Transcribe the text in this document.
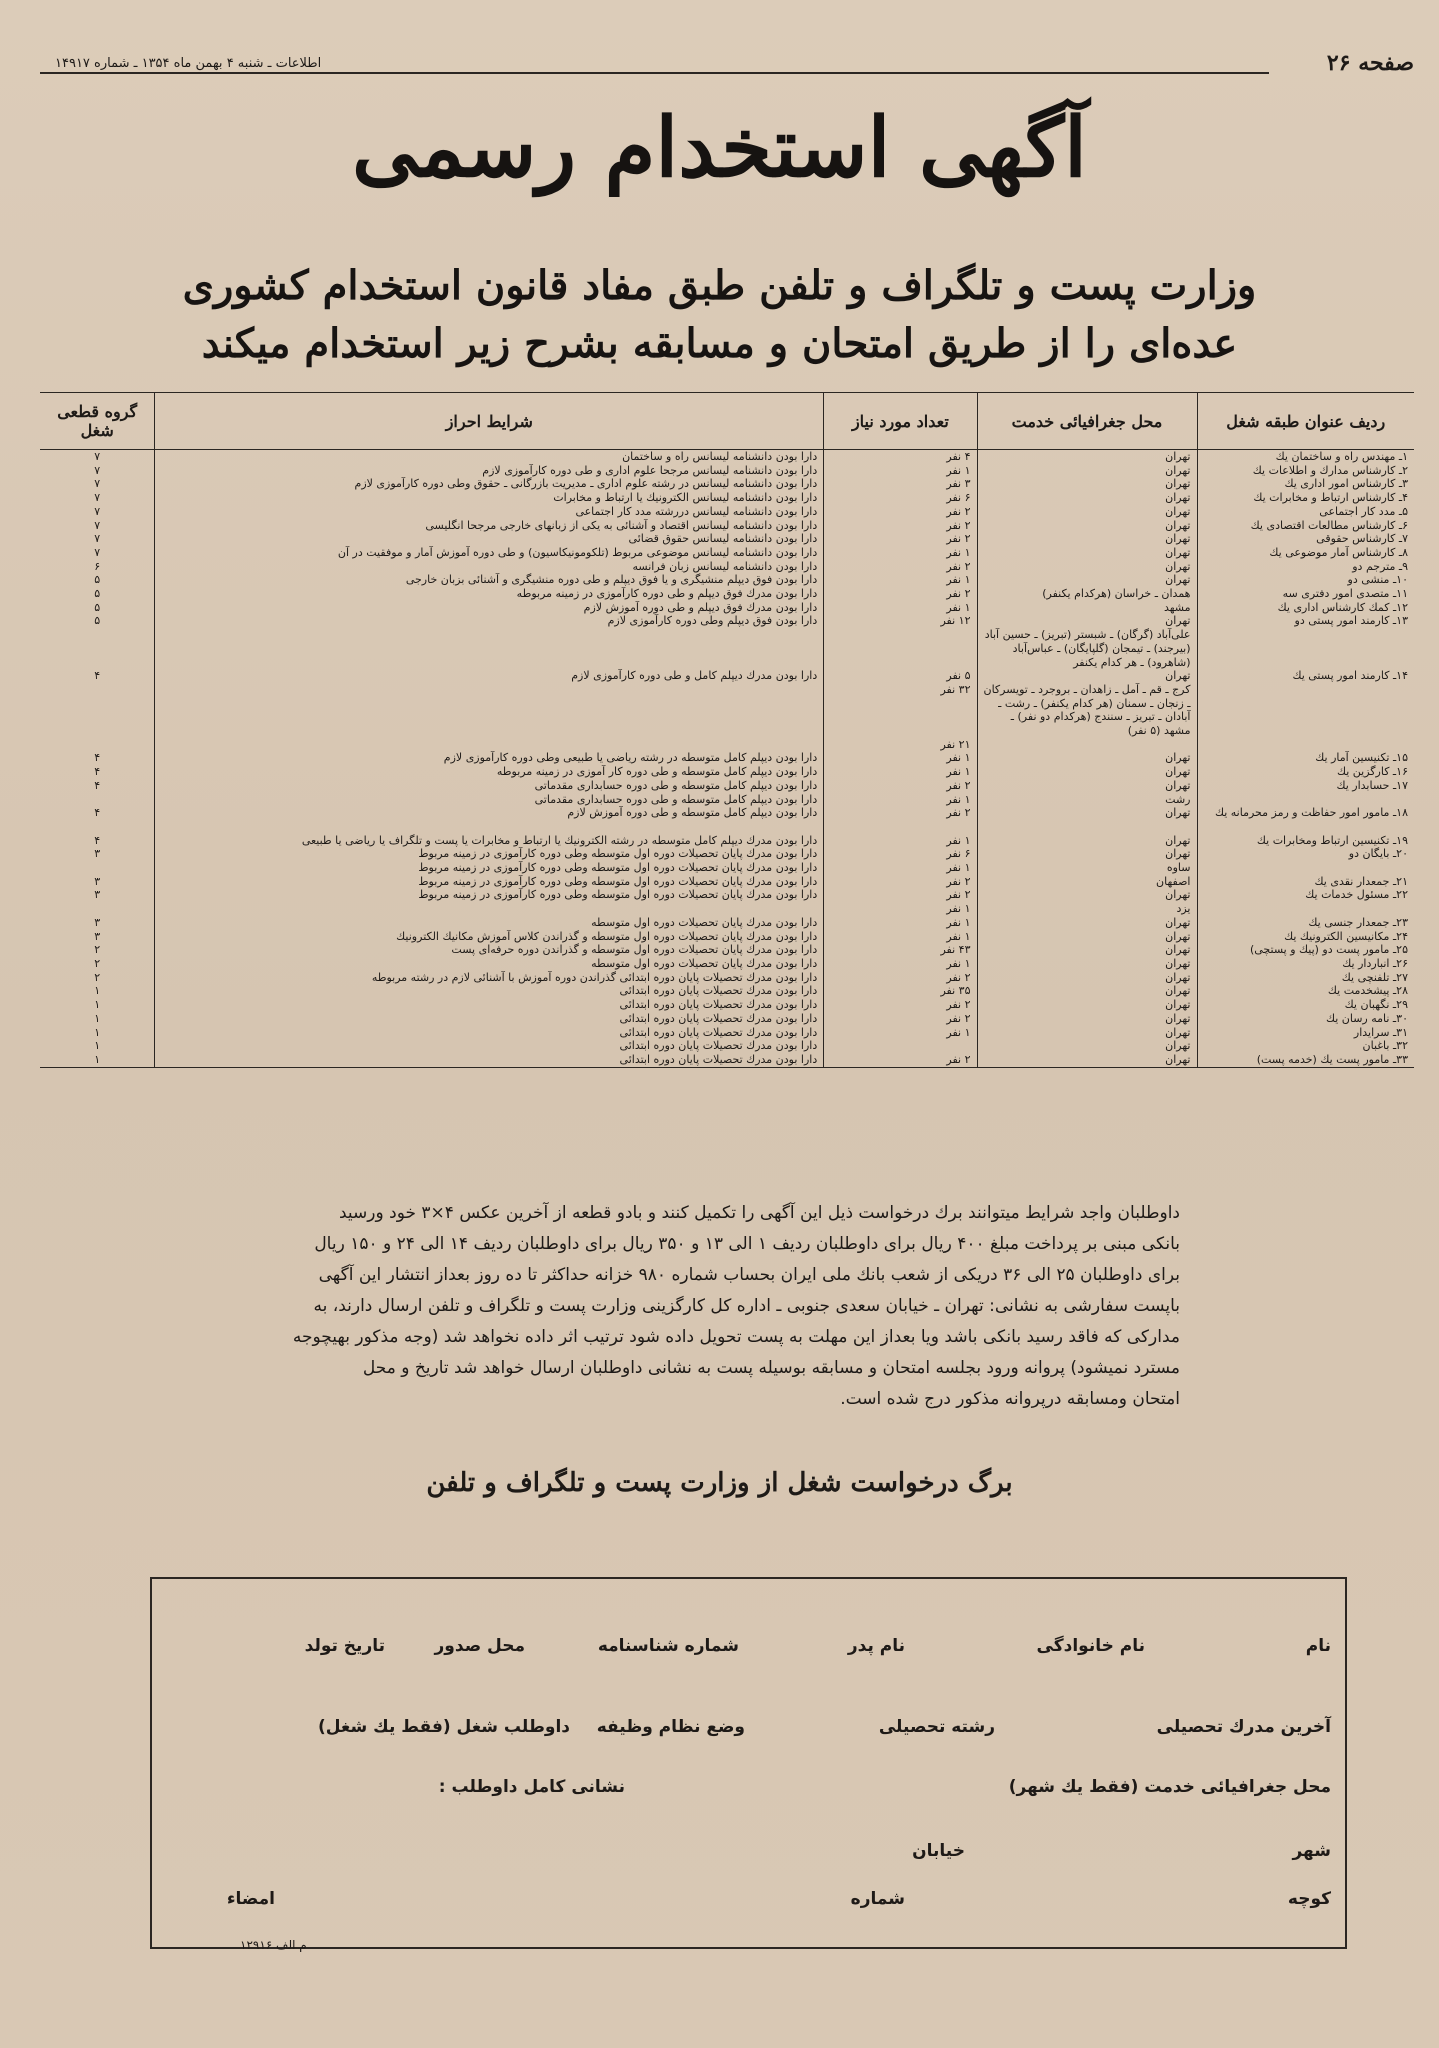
صفحه ۲۶
اطلاعات ـ شنبه ۴ بهمن ماه ۱۳۵۴ ـ شماره ۱۴۹۱۷
آگهی استخدام رسمی
وزارت پست و تلگراف و تلفن طبق مفاد قانون استخدام کشوری
عده‌ای را از طریق امتحان و مسابقه بشرح زیر استخدام میکند
ردیف عنوان طبقه شغل	محل جغرافیائی خدمت	تعداد مورد نیاز	شرایط احراز	گروه قطعی شغل
۱ـ مهندس راه و ساختمان یك	تهران	۴ نفر	دارا بودن دانشنامه لیسانس راه و ساختمان	۷
۲ـ کارشناس مدارك و اطلاعات یك	تهران	۱ نفر	دارا بودن دانشنامه لیسانس مرجحا علوم اداری و طی دوره کارآموزی لازم	۷
۳ـ کارشناس امور اداری یك	تهران	۳ نفر	دارا بودن دانشنامه لیسانس در رشته علوم اداری ـ مدیریت بازرگانی ـ حقوق وطی دوره کارآموزی لازم	۷
۴ـ کارشناس ارتباط و مخابرات یك	تهران	۶ نفر	دارا بودن دانشنامه لیسانس الکترونیك یا ارتباط و مخابرات	۷
۵ـ مدد کار اجتماعی	تهران	۲ نفر	دارا بودن دانشنامه لیسانس دررشته مدد کار اجتماعی	۷
۶ـ کارشناس مطالعات اقتصادی یك	تهران	۲ نفر	دارا بودن دانشنامه لیسانس اقتصاد و آشنائی به یکی از زبانهای خارجی مرجحا انگلیسی	۷
۷ـ کارشناس حقوقی	تهران	۲ نفر	دارا بودن دانشنامه لیسانس حقوق قضائی	۷
۸ـ کارشناس آمار موضوعی یك	تهران	۱ نفر	دارا بودن دانشنامه لیسانس موضوعی مربوط (تلکومونیکاسیون) و طی دوره آموزش آمار و موفقیت در آن	۷
۹ـ مترجم دو	تهران	۲ نفر	دارا بودن دانشنامه لیسانس زبان فرانسه	۶
۱۰ـ منشی دو	تهران	۱ نفر	دارا بودن فوق دیپلم منشیگری و یا فوق دیپلم و طی دوره منشیگری و آشنائی بزبان خارجی	۵
۱۱ـ متصدی امور دفتری سه	همدان ـ خراسان (هرکدام یکنفر)	۲ نفر	دارا بودن مدرك فوق دیپلم و طی دوره کارآموزی در زمینه مربوطه	۵
۱۲ـ کمك کارشناس اداری یك	مشهد	۱ نفر	دارا بودن مدرك فوق دیپلم و طی دوره آموزش لازم	۵
۱۳ـ کارمند امور پستی دو	تهران	۱۲ نفر	دارا بودن فوق دیپلم وطی دوره کارآموزی لازم	۵
	علی‌آباد (گرگان) ـ شبستر (تبریز) ـ حسین آباد			
	(بیرجند) ـ تیمجان (گلپایگان) ـ عباس‌آباد			
	(شاهرود) ـ هر کدام یکنفر			
۱۴ـ کارمند امور پستی یك	تهران	۵ نفر	دارا بودن مدرك دیپلم کامل و طی دوره کارآموزی لازم	۴
	کرج ـ قم ـ آمل ـ زاهدان ـ بروجرد ـ تویسرکان	۳۲ نفر		
	ـ زنجان ـ سمنان (هر کدام یکنفر) ـ رشت ـ			
	آبادان ـ تبریز ـ سنندج (هرکدام دو نفر) ـ			
	مشهد (۵ نفر)			
		۲۱ نفر		
۱۵ـ تکنیسین آمار یك	تهران	۱ نفر	دارا بودن دیپلم کامل متوسطه در رشته ریاضی یا طبیعی وطی دوره کارآموزی لازم	۴
۱۶ـ کارگزین یك	تهران	۱ نفر	دارا بودن دیپلم کامل متوسطه و طی دوره کار آموزی در زمینه مربوطه	۴
۱۷ـ حسابدار یك	تهران	۲ نفر	دارا بودن دیپلم کامل متوسطه و طی دوره حسابداری مقدماتی	۴
	رشت	۱ نفر	دارا بودن دیپلم کامل متوسطه و طی دوره حسابداری مقدماتی	
۱۸ـ مامور امور حفاظت و رمز محرمانه یك	تهران	۲ نفر	دارا بودن دیپلم کامل متوسطه و طی دوره آموزش لازم	۴

۱۹ـ تکنیسین ارتباط ومخابرات یك	تهران	۱ نفر	دارا بودن مدرك دیپلم کامل متوسطه در رشته الکترونیك یا ارتباط و مخابرات یا پست و تلگراف یا ریاضی یا طبیعی	۴
۲۰ـ بایگان دو	تهران	۶ نفر	دارا بودن مدرك پایان تحصیلات دوره اول متوسطه وطی دوره کارآموزی در زمینه مربوط	۳
	ساوه	۱ نفر	دارا بودن مدرك پایان تحصیلات دوره اول متوسطه وطی دوره کارآموزی در زمینه مربوط	
۲۱ـ جمعدار نقدی یك	اصفهان	۲ نفر	دارا بودن مدرك پایان تحصیلات دوره اول متوسطه وطی دوره کارآموزی در زمینه مربوط	۳
۲۲ـ مسئول خدمات یك	تهران	۲ نفر	دارا بودن مدرك پایان تحصیلات دوره اول متوسطه وطی دوره کارآموزی در زمینه مربوط	۳
	یزد	۱ نفر		
۲۳ـ جمعدار جنسی یك	تهران	۱ نفر	دارا بودن مدرك پایان تحصیلات دوره اول متوسطه	۳
۲۴ـ مکانیسین الکترونیك یك	تهران	۱ نفر	دارا بودن مدرك پایان تحصیلات دوره اول متوسطه و گذراندن کلاس آموزش مکانیك الکترونیك	۳
۲۵ـ مامور پست دو (پیك و پستچی)	تهران	۴۳ نفر	دارا بودن مدرك پایان تحصیلات دوره اول متوسطه و گذراندن دوره حرفه‌ای پست	۲
۲۶ـ انباردار یك	تهران	۱ نفر	دارا بودن مدرك پایان تحصیلات دوره اول متوسطه	۲
۲۷ـ تلفنچی یك	تهران	۲ نفر	دارا بودن مدرك تحصیلات پایان دوره ابتدائی گذراندن دوره آموزش با آشنائی لازم در رشته مربوطه	۲
۲۸ـ پیشخدمت یك	تهران	۳۵ نفر	دارا بودن مدرك تحصیلات پایان دوره ابتدائی	۱
۲۹ـ نگهبان یك	تهران	۲ نفر	دارا بودن مدرك تحصیلات پایان دوره ابتدائی	۱
۳۰ـ نامه رسان یك	تهران	۲ نفر	دارا بودن مدرك تحصیلات پایان دوره ابتدائی	۱
۳۱ـ سرایدار	تهران	۱ نفر	دارا بودن مدرك تحصیلات پایان دوره ابتدائی	۱
۳۲ـ باغبان	تهران		دارا بودن مدرك تحصیلات پایان دوره ابتدائی	۱
۳۳ـ مامور پست یك (خدمه پست)	تهران	۲ نفر	دارا بودن مدرك تحصیلات پایان دوره ابتدائی	۱

داوطلبان واجد شرایط میتوانند برك درخواست ذیل این آگهی را تکمیل کنند و بادو قطعه از آخرین عکس ۴×۳ خود ورسید

بانکی مبنی بر پرداخت مبلغ ۴۰۰ ریال برای داوطلبان ردیف ۱ الی ۱۳ و ۳۵۰ ریال برای داوطلبان ردیف ۱۴ الی ۲۴ و ۱۵۰ ریال

برای داوطلبان ۲۵ الی ۳۶ دریکی از شعب بانك ملی ایران بحساب شماره ۹۸۰ خزانه حداکثر تا ده روز بعداز انتشار این آگهی

باپست سفارشی به نشانی: تهران ـ خیابان سعدی جنوبی ـ اداره کل کارگزینی وزارت پست و تلگراف و تلفن ارسال دارند، به

مدارکی که فاقد رسید بانکی باشد ویا بعداز این مهلت به پست تحویل داده شود ترتیب اثر داده نخواهد شد (وجه مذکور بهیچوجه

مسترد نمیشود) پروانه ورود بجلسه امتحان و مسابقه بوسیله پست به نشانی داوطلبان ارسال خواهد شد تاریخ و محل

امتحان ومسابقه درپروانه مذکور درج شده است.

برگ درخواست شغل از وزارت پست و تلگراف و تلفن
نام
نام خانوادگی
نام پدر
شماره شناسنامه
محل صدور
تاریخ تولد
آخرین مدرك تحصیلی
رشته تحصیلی
وضع نظام وظیفه
داوطلب شغل (فقط یك شغل)
محل جغرافیائی خدمت (فقط یك شهر)
نشانی کامل داوطلب :
شهر
خیابان
کوچه
شماره
امضاء
م الف ۱۲۹۱۶
